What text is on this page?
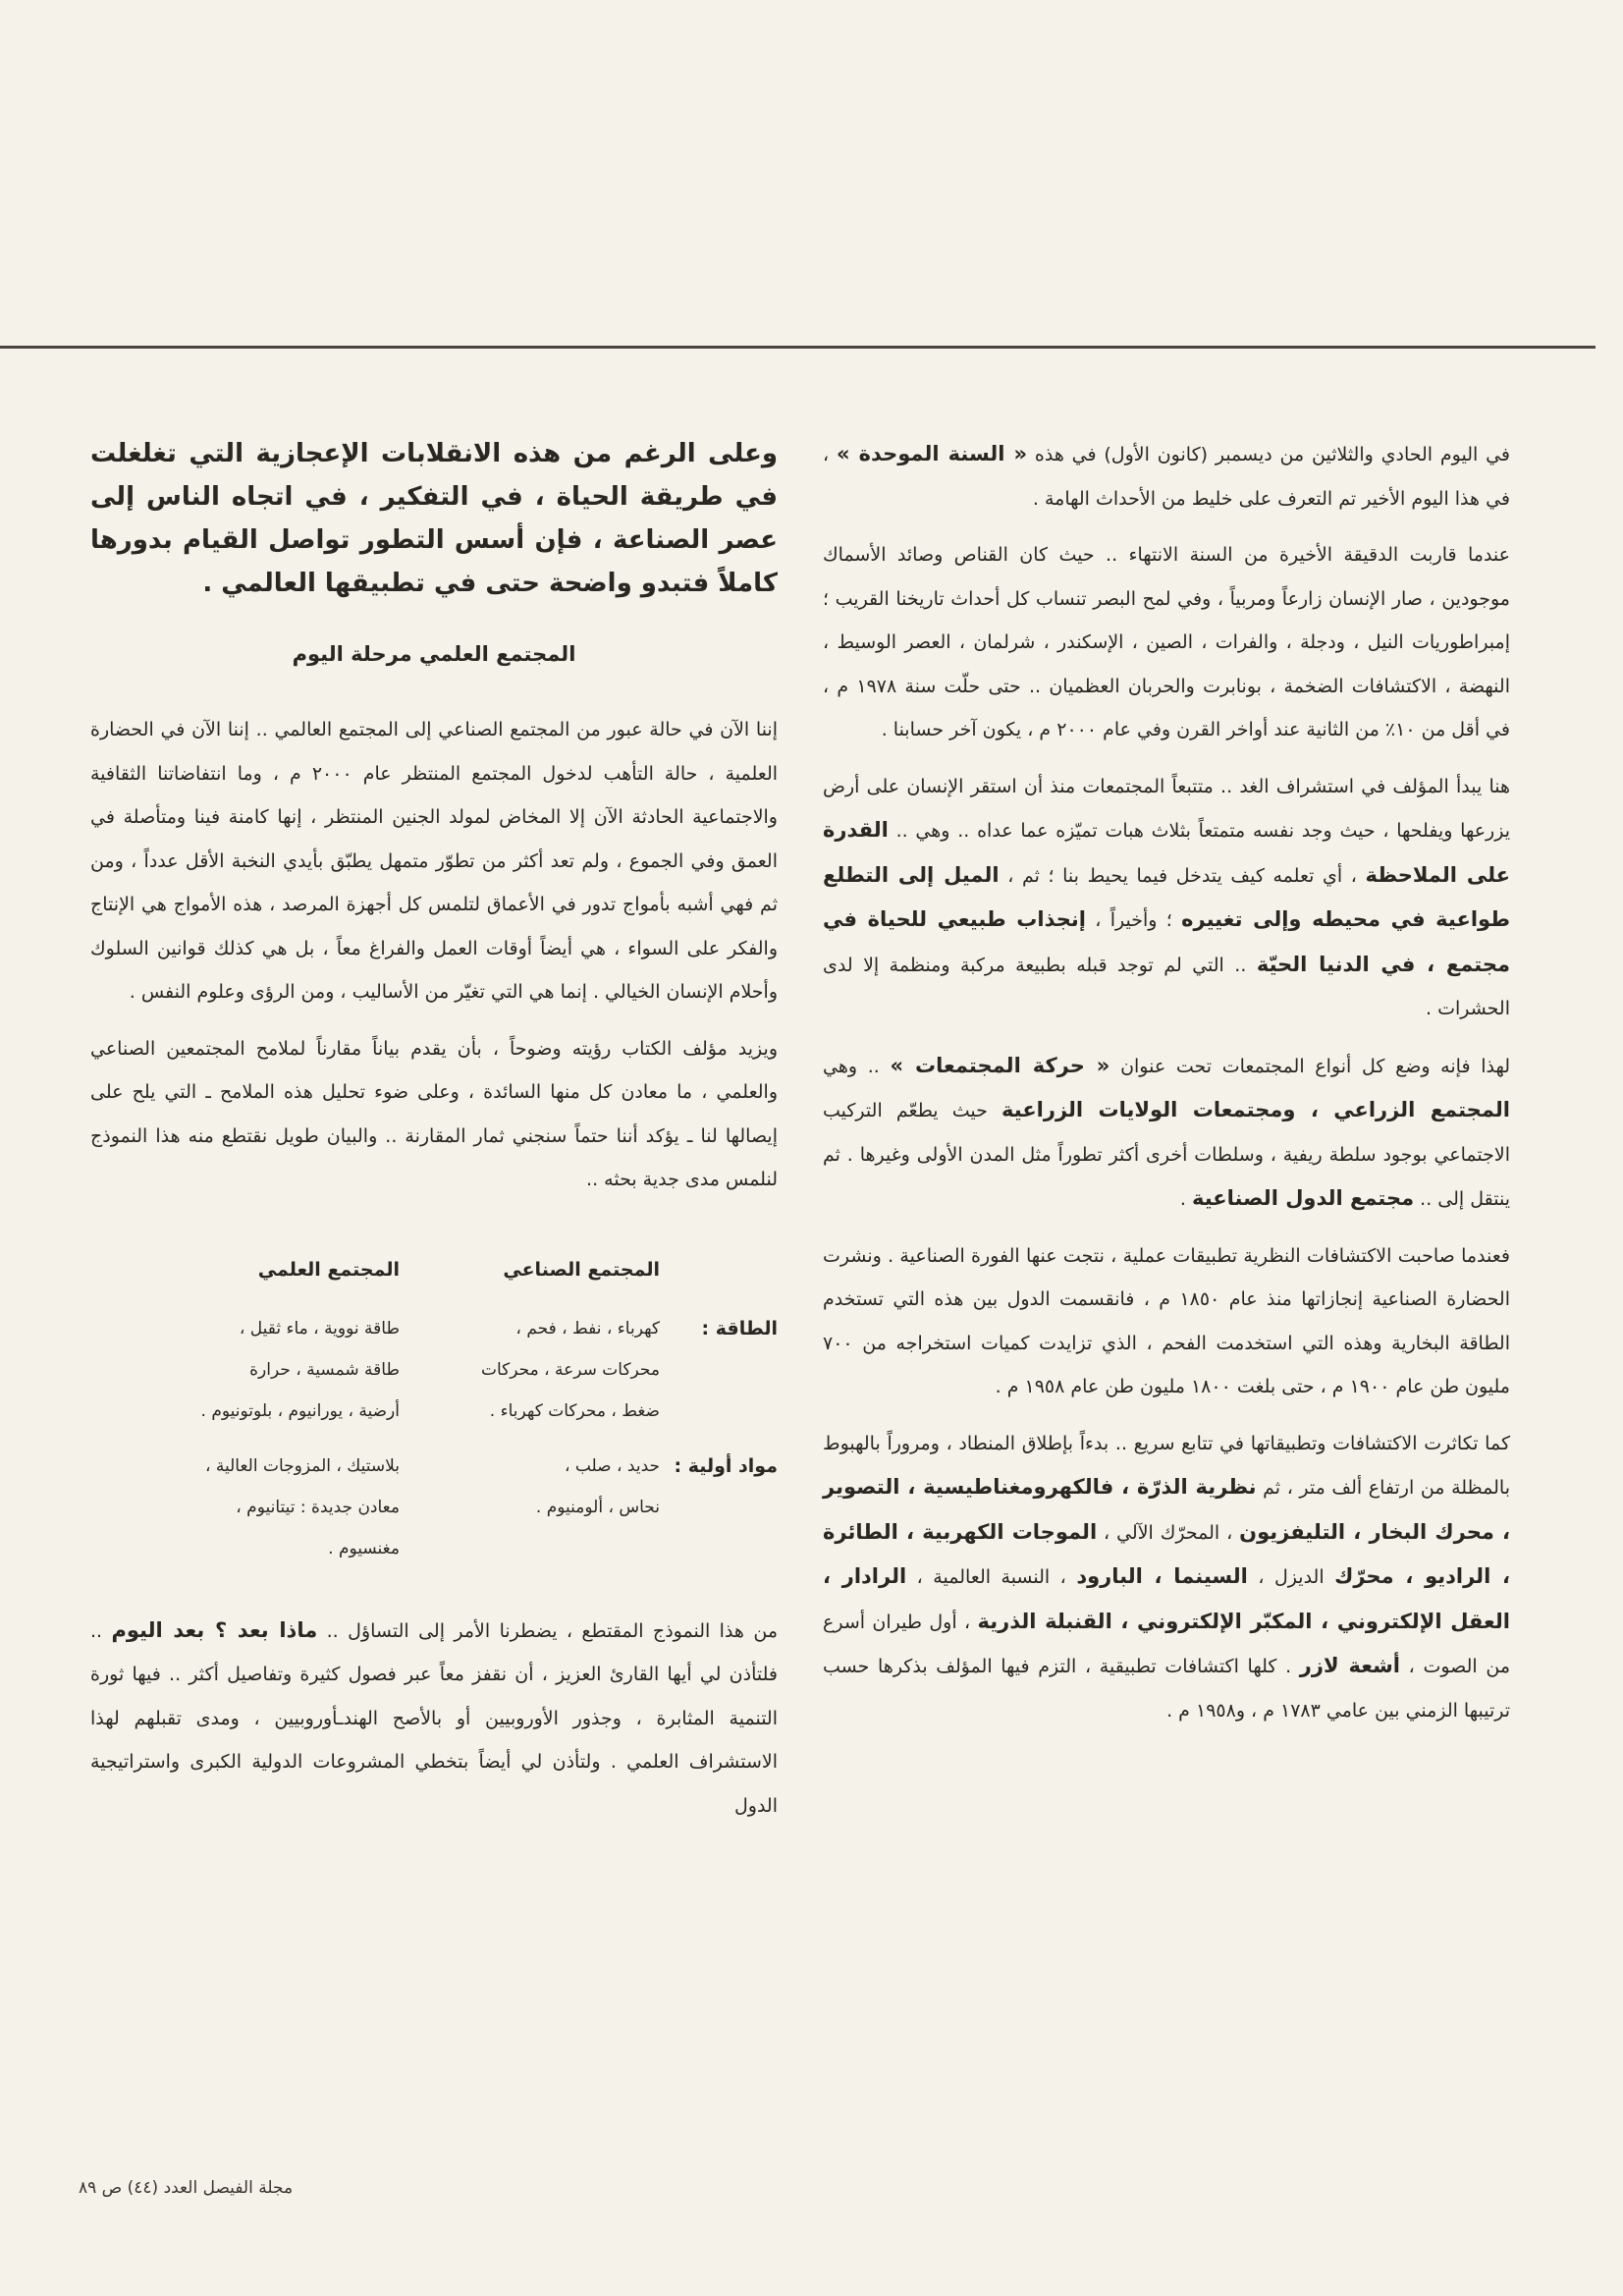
في اليوم الحادي والثلاثين من ديسمبر (كانون الأول) في هذه « السنة الموحدة » ، في هذا اليوم الأخير تم التعرف على خليط من الأحداث الهامة .

عندما قاربت الدقيقة الأخيرة من السنة الانتهاء .. حيث كان القناص وصائد الأسماك موجودين ، صار الإنسان زارعاً ومربياً ، وفي لمح البصر تنساب كل أحداث تاريخنا القريب ؛ إمبراطوريات النيل ، ودجلة ، والفرات ، الصين ، الإسكندر ، شرلمان ، العصر الوسيط ، النهضة ، الاكتشافات الضخمة ، بونابرت والحربان العظميان .. حتى حلّت سنة ١٩٧٨ م ، في أقل من ١٠٪ من الثانية عند أواخر القرن وفي عام ٢٠٠٠ م ، يكون آخر حسابنا .

هنا يبدأ المؤلف في استشراف الغد .. متتبعاً المجتمعات منذ أن استقر الإنسان على أرض يزرعها ويفلحها ، حيث وجد نفسه متمتعاً بثلاث هبات تميّزه عما عداه .. وهي .. القدرة على الملاحظة ، أي تعلمه كيف يتدخل فيما يحيط بنا ؛ ثم ، الميل إلى التطلع طواعية في محيطه وإلى تغييره ؛ وأخيراً ، إنجذاب طبيعي للحياة في مجتمع ، في الدنيا الحيّة .. التي لم توجد قبله بطبيعة مركبة ومنظمة إلا لدى الحشرات .

لهذا فإنه وضع كل أنواع المجتمعات تحت عنوان « حركة المجتمعات » .. وهي المجتمع الزراعي ، ومجتمعات الولايات الزراعية حيث يطعّم التركيب الاجتماعي بوجود سلطة ريفية ، وسلطات أخرى أكثر تطوراً مثل المدن الأولى وغيرها . ثم ينتقل إلى .. مجتمع الدول الصناعية .

فعندما صاحبت الاكتشافات النظرية تطبيقات عملية ، نتجت عنها الفورة الصناعية . ونشرت الحضارة الصناعية إنجازاتها منذ عام ١٨٥٠ م ، فانقسمت الدول بين هذه التي تستخدم الطاقة البخارية وهذه التي استخدمت الفحم ، الذي تزايدت كميات استخراجه من ٧٠٠ مليون طن عام ١٩٠٠ م ، حتى بلغت ١٨٠٠ مليون طن عام ١٩٥٨ م .

كما تكاثرت الاكتشافات وتطبيقاتها في تتابع سريع .. بدءاً بإطلاق المنطاد ، ومروراً بالهبوط بالمظلة من ارتفاع ألف متر ، ثم نظرية الذرّة ، فالكهرومغناطيسية ، التصوير ، محرك البخار ، التليفزيون ، المحرّك الآلي ، الموجات الكهربية ، الطائرة ، الراديو ، محرّك الديزل ، السينما ، البارود ، النسبة العالمية ، الرادار ، العقل الإلكتروني ، المكبّر الإلكتروني ، القنبلة الذرية ، أول طيران أسرع من الصوت ، أشعة لازر . كلها اكتشافات تطبيقية ، التزم فيها المؤلف بذكرها حسب ترتيبها الزمني بين عامي ١٧٨٣ م ، و١٩٥٨ م .

وعلى الرغم من هذه الانقلابات الإعجازية التي تغلغلت في طريقة الحياة ، في التفكير ، في اتجاه الناس إلى عصر الصناعة ، فإن أسس التطور تواصل القيام بدورها كاملاً فتبدو واضحة حتى في تطبيقها العالمي .

المجتمع العلمي مرحلة اليوم

إننا الآن في حالة عبور من المجتمع الصناعي إلى المجتمع العالمي .. إننا الآن في الحضارة العلمية ، حالة التأهب لدخول المجتمع المنتظر عام ٢٠٠٠ م ، وما انتفاضاتنا الثقافية والاجتماعية الحادثة الآن إلا المخاض لمولد الجنين المنتظر ، إنها كامنة فينا ومتأصلة في العمق وفي الجموع ، ولم تعد أكثر من تطوّر متمهل يطبّق بأيدي النخبة الأقل عدداً ، ومن ثم فهي أشبه بأمواج تدور في الأعماق لتلمس كل أجهزة المرصد ، هذه الأمواج هي الإنتاج والفكر على السواء ، هي أيضاً أوقات العمل والفراغ معاً ، بل هي كذلك قوانين السلوك وأحلام الإنسان الخيالي . إنما هي التي تغيّر من الأساليب ، ومن الرؤى وعلوم النفس .

ويزيد مؤلف الكتاب رؤيته وضوحاً ، بأن يقدم بياناً مقارناً لملامح المجتمعين الصناعي والعلمي ، ما معادن كل منها السائدة ، وعلى ضوء تحليل هذه الملامح ـ التي يلح على إيصالها لنا ـ يؤكد أننا حتماً سنجني ثمار المقارنة .. والبيان طويل نقتطع منه هذا النموذج لنلمس مدى جدية بحثه ..

المجتمع الصناعي
المجتمع العلمي
الطاقة :
كهرباء ، نفط ، فحم ،
محركات سرعة ، محركات
ضغط ، محركات كهرباء .
طاقة نووية ، ماء ثقيل ،
طاقة شمسية ، حرارة
أرضية ، يورانيوم ، بلوتونيوم .
مواد أولية :
حديد ، صلب ،
نحاس ، ألومنيوم .
بلاستيك ، المزوجات العالية ،
معادن جديدة : تيتانيوم ،
مغنسيوم .

من هذا النموذج المقتطع ، يضطرنا الأمر إلى التساؤل .. ماذا بعد ؟ بعد اليوم .. فلتأذن لي أيها القارئ العزيز ، أن نقفز معاً عبر فصول كثيرة وتفاصيل أكثر .. فيها ثورة التنمية المثابرة ، وجذور الأوروبيين أو بالأصح الهندـأوروبيين ، ومدى تقبلهم لهذا الاستشراف العلمي . ولتأذن لي أيضاً بتخطي المشروعات الدولية الكبرى واستراتيجية الدول

مجلة الفيصل العدد (٤٤) ص ٨٩
